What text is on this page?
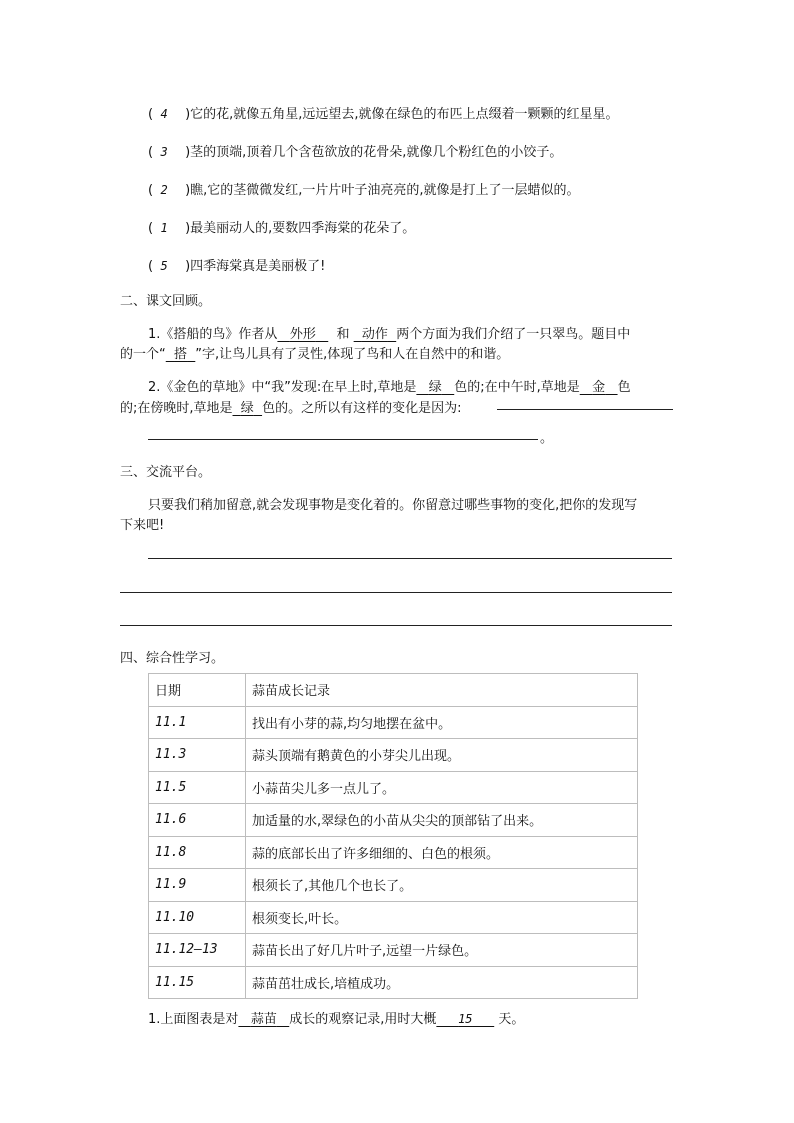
( 4 )它的花,就像五角星,远远望去,就像在绿色的布匹上点缀着一颗颗的红星星。
( 3 )茎的顶端,顶着几个含苞欲放的花骨朵,就像几个粉红色的小饺子。
( 2 )瞧,它的茎微微发红,一片片叶子油亮亮的,就像是打上了一层蜡似的。
( 1 )最美丽动人的,要数四季海棠的花朵了。
( 5 )四季海棠真是美丽极了!
二、课文回顾。
1.《搭船的鸟》作者从 外形 和 动作 两个方面为我们介绍了一只翠鸟。题目中
的一个“ 搭 ”字,让鸟儿具有了灵性,体现了鸟和人在自然中的和谐。
2.《金色的草地》中“我”发现:在早上时,草地是 绿 色的;在中午时,草地是 金 色
的;在傍晚时,草地是 绿 色的。之所以有这样的变化是因为:
。
三、交流平台。
只要我们稍加留意,就会发现事物是变化着的。你留意过哪些事物的变化,把你的发现写
下来吧!
四、综合性学习。
日期	蒜苗成长记录
11.1	找出有小芽的蒜,均匀地摆在盆中。
11.3	蒜头顶端有鹅黄色的小芽尖儿出现。
11.5	小蒜苗尖儿多一点儿了。
11.6	加适量的水,翠绿色的小苗从尖尖的顶部钻了出来。
11.8	蒜的底部长出了许多细细的、白色的根须。
11.9	根须长了,其他几个也长了。
11.10	根须变长,叶长。
11.12—13	蒜苗长出了好几片叶子,远望一片绿色。
11.15	蒜苗茁壮成长,培植成功。
1.上面图表是对 蒜苗 成长的观察记录,用时大概 15 天。
